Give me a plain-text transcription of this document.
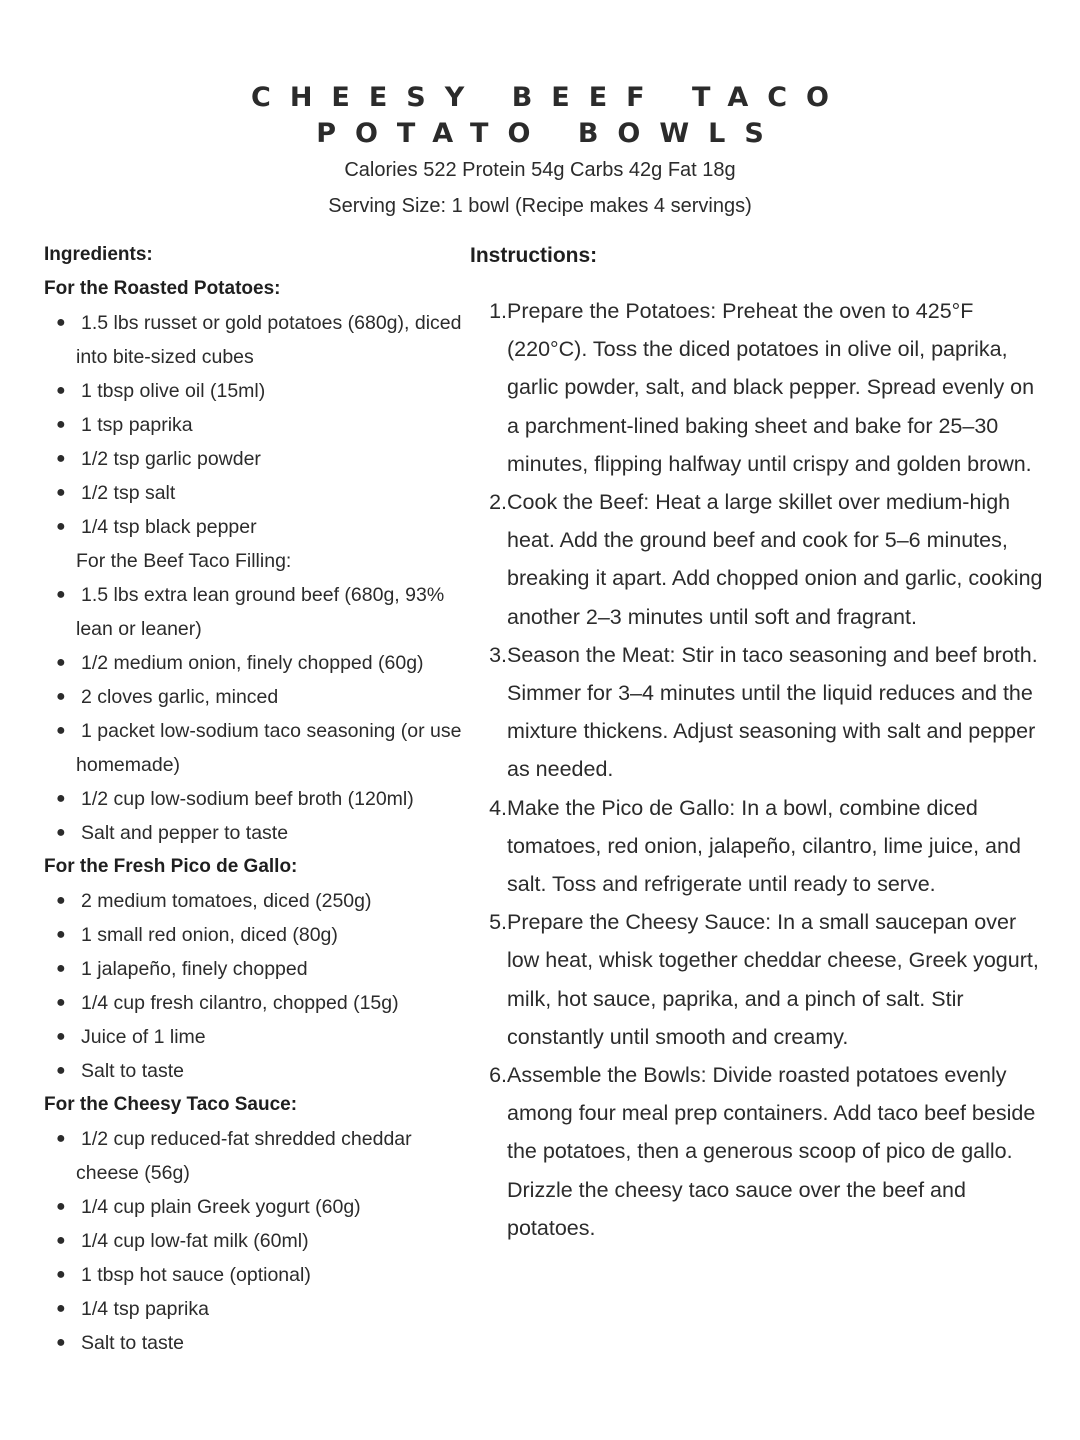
CHEESY BEEF TACO
POTATO BOWLS
Calories 522 Protein 54g Carbs 42g Fat 18g
Serving Size: 1 bowl (Recipe makes 4 servings)
Ingredients:
For the Roasted Potatoes:
● 1.5 lbs russet or gold potatoes (680g), diced into bite-sized cubes
● 1 tbsp olive oil (15ml)
● 1 tsp paprika
● 1/2 tsp garlic powder
● 1/2 tsp salt
● 1/4 tsp black pepper
For the Beef Taco Filling:
● 1.5 lbs extra lean ground beef (680g, 93% lean or leaner)
● 1/2 medium onion, finely chopped (60g)
● 2 cloves garlic, minced
● 1 packet low-sodium taco seasoning (or use homemade)
● 1/2 cup low-sodium beef broth (120ml)
● Salt and pepper to taste
For the Fresh Pico de Gallo:
● 2 medium tomatoes, diced (250g)
● 1 small red onion, diced (80g)
● 1 jalapeño, finely chopped
● 1/4 cup fresh cilantro, chopped (15g)
● Juice of 1 lime
● Salt to taste
For the Cheesy Taco Sauce:
● 1/2 cup reduced-fat shredded cheddar cheese (56g)
● 1/4 cup plain Greek yogurt (60g)
● 1/4 cup low-fat milk (60ml)
● 1 tbsp hot sauce (optional)
● 1/4 tsp paprika
● Salt to taste
Instructions:
1. Prepare the Potatoes: Preheat the oven to 425°F (220°C). Toss the diced potatoes in olive oil, paprika, garlic powder, salt, and black pepper. Spread evenly on a parchment-lined baking sheet and bake for 25–30 minutes, flipping halfway until crispy and golden brown.
2. Cook the Beef: Heat a large skillet over medium-high heat. Add the ground beef and cook for 5–6 minutes, breaking it apart. Add chopped onion and garlic, cooking another 2–3 minutes until soft and fragrant.
3. Season the Meat: Stir in taco seasoning and beef broth. Simmer for 3–4 minutes until the liquid reduces and the mixture thickens. Adjust seasoning with salt and pepper as needed.
4. Make the Pico de Gallo: In a bowl, combine diced tomatoes, red onion, jalapeño, cilantro, lime juice, and salt. Toss and refrigerate until ready to serve.
5. Prepare the Cheesy Sauce: In a small saucepan over low heat, whisk together cheddar cheese, Greek yogurt, milk, hot sauce, paprika, and a pinch of salt. Stir constantly until smooth and creamy.
6. Assemble the Bowls: Divide roasted potatoes evenly among four meal prep containers. Add taco beef beside the potatoes, then a generous scoop of pico de gallo. Drizzle the cheesy taco sauce over the beef and potatoes.
